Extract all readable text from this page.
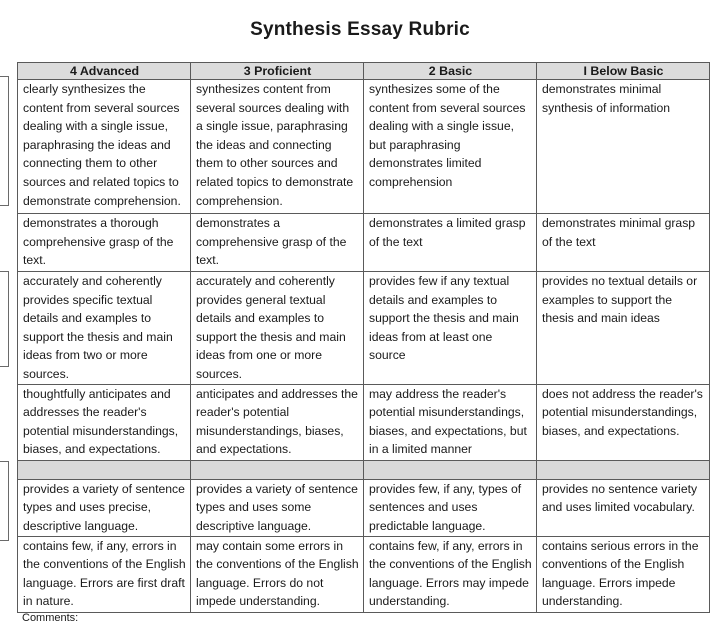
Synthesis Essay Rubric
4 Advanced	3 Proficient	2 Basic	I Below Basic
clearly synthesizes the content from several sources dealing with a single issue, paraphrasing the ideas and connecting them to other sources and related topics to demonstrate comprehension.	synthesizes content from several sources dealing with a single issue, paraphrasing the ideas and connecting them to other sources and related topics to demonstrate comprehension.	synthesizes some of the content from several sources dealing with a single issue, but paraphrasing demonstrates limited comprehension	demonstrates minimal synthesis of information
demonstrates a thorough comprehensive grasp of the text.	demonstrates a comprehensive grasp of the text.	demonstrates a limited grasp of the text	demonstrates minimal grasp of the text
accurately and coherently provides specific textual details and examples to support the thesis and main ideas from two or more sources.	accurately and coherently provides general textual details and examples to support the thesis and main ideas from one or more sources.	provides few if any textual details and examples to support the thesis and main ideas from at least one source	provides no textual details or examples to support the thesis and main ideas
thoughtfully anticipates and addresses the reader's potential misunderstandings, biases, and expectations.	anticipates and addresses the reader's potential misunderstandings, biases, and expectations.	may address the reader's potential misunderstandings, biases, and expectations, but in a limited manner	does not address the reader's potential misunderstandings, biases, and expectations.

provides a variety of sentence types and uses precise, descriptive language.	provides a variety of sentence types and uses some descriptive language.	provides few, if any, types of sentences and uses predictable language.	provides no sentence variety and uses limited vocabulary.
contains few, if any, errors in the conventions of the English language. Errors are first draft in nature.	may contain some errors in the conventions of the English language. Errors do not impede understanding.	contains few, if any, errors in the conventions of the English language. Errors may impede understanding.	contains serious errors in the conventions of the English language. Errors impede understanding.
Comments:
